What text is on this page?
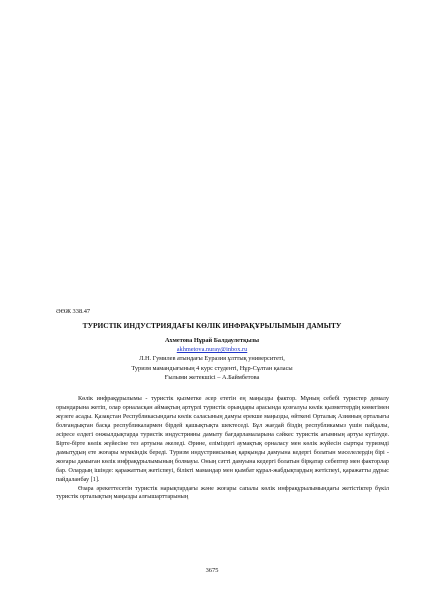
ӘӨЖ 338.47
ТУРИСТІК ИНДУСТРИЯДАҒЫ КӨЛІК ИНФРАҚҰРЫЛЫМЫН ДАМЫТУ
Ахметова Нұрай Балдаулетқызы
akhmetova.nuray@inbox.ru
Л.Н. Гумилев атындағы Еуразия ұлттық университеті,
Туризм мамандығының 4 курс студенті, Нұр-Сұлтан қаласы
Ғылыми жетекшісі – А.Баймбетова

Көлік инфрақұрылымы - туристік қызметке әсер ететін ең маңызды фактор. Мұның себебі туристер демалу орындарына жетіп, олар орналасқан аймақтың артүрлі туристік орындары арасында қозғалуы көлік қызметтердің көмегімен жүзеге асады. Қазақстан Республикасындағы көлік саласының дамуы ерекше маңызды, өйткені Орталық Азияның орталығы болғандықтан басқа республикалармен бірдей қашықтықта шектеседі. Бұл жағдай біздің республикамыз үшін пайдалы, әсіресе елдегі онжылдықтарда туристік индустрияны дамыту бағдарламаларына сәйкес туристік ағымның артуы күтілуде. Бірте-бірте көлік жүйесіне тез артуына әкеледі. Әрине, еліміздегі аумақтық орналасу мен көлік жүйесін сыртқы туризмді дамытудың ете жоғары мүмкіндік береді. Туризм индустриясының қарқынды дамуына кедергі болатын мәселелердің бірі - жоғары дамыған көлік инфрақұрылымының болмауы. Оның сәтті дамуына кедергі болатын бірқатар себептер мен факторлар бар. Олардың ішінде: қаражаттың жетіспеуі, білікті мамандар мен қымбат құрал-жабдықтардың жетіспеуі, қаражатты дұрыс пайдаланбау [1].

Өзара әрекеттесетін туристік нарықтардағы және жоғары сапалы көлік инфрақұрылымындағы жетістіктер бүкіл туристік орталықтың маңызды алғышарттарының

3675
